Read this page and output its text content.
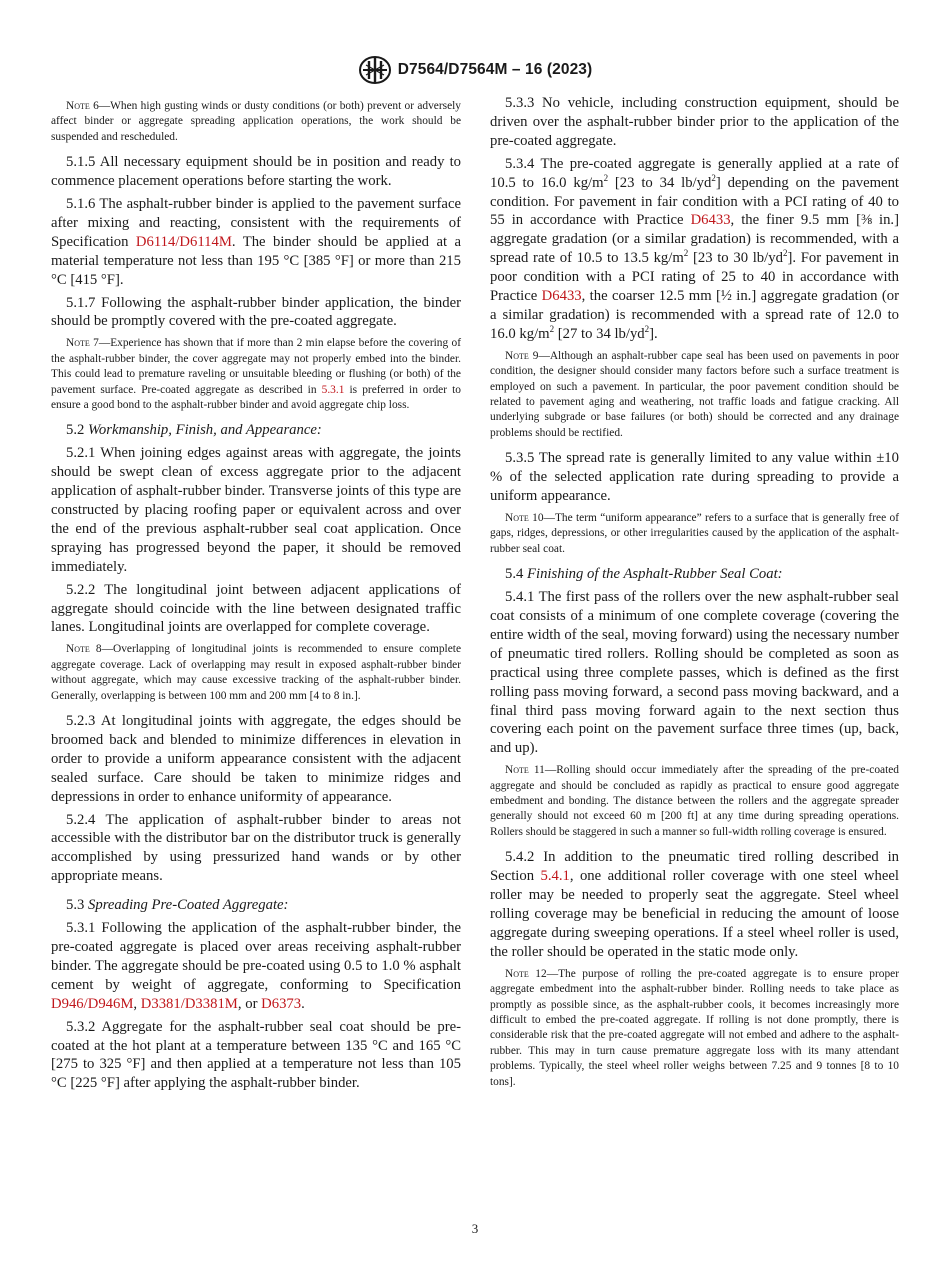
D7564/D7564M – 16 (2023)

Note 6—When high gusting winds or dusty conditions (or both) prevent or adversely affect binder or aggregate spreading application operations, the work should be suspended and rescheduled.

5.1.5 All necessary equipment should be in position and ready to commence placement operations before starting the work.

5.1.6 The asphalt-rubber binder is applied to the pavement surface after mixing and reacting, consistent with the requirements of Specification D6114/D6114M. The binder should be applied at a material temperature not less than 195 °C [385 °F] or more than 215 °C [415 °F].

5.1.7 Following the asphalt-rubber binder application, the binder should be promptly covered with the pre-coated aggregate.

Note 7—Experience has shown that if more than 2 min elapse before the covering of the asphalt-rubber binder, the cover aggregate may not properly embed into the binder. This could lead to premature raveling or unsuitable bleeding or flushing (or both) of the pavement surface. Pre-coated aggregate as described in 5.3.1 is preferred in order to ensure a good bond to the asphalt-rubber binder and avoid aggregate chip loss.

5.2 Workmanship, Finish, and Appearance:

5.2.1 When joining edges against areas with aggregate, the joints should be swept clean of excess aggregate prior to the adjacent application of asphalt-rubber binder. Transverse joints of this type are constructed by placing roofing paper or equivalent across and over the end of the previous asphalt-rubber seal coat application. Once spraying has progressed beyond the paper, it should be removed immediately.

5.2.2 The longitudinal joint between adjacent applications of aggregate should coincide with the line between designated traffic lanes. Longitudinal joints are overlapped for complete coverage.

Note 8—Overlapping of longitudinal joints is recommended to ensure complete aggregate coverage. Lack of overlapping may result in exposed asphalt-rubber binder without aggregate, which may cause excessive tracking of the asphalt-rubber binder. Generally, overlapping is between 100 mm and 200 mm [4 to 8 in.].

5.2.3 At longitudinal joints with aggregate, the edges should be broomed back and blended to minimize differences in elevation in order to provide a uniform appearance consistent with the adjacent sealed surface. Care should be taken to minimize ridges and depressions in order to enhance uniformity of appearance.

5.2.4 The application of asphalt-rubber binder to areas not accessible with the distributor bar on the distributor truck is generally accomplished by using pressurized hand wands or by other appropriate means.

5.3 Spreading Pre-Coated Aggregate:

5.3.1 Following the application of the asphalt-rubber binder, the pre-coated aggregate is placed over areas receiving asphalt-rubber binder. The aggregate should be pre-coated using 0.5 to 1.0 % asphalt cement by weight of aggregate, conforming to Specification D946/D946M, D3381/D3381M, or D6373.

5.3.2 Aggregate for the asphalt-rubber seal coat should be pre-coated at the hot plant at a temperature between 135 °C and 165 °C [275 to 325 °F] and then applied at a temperature not less than 105 °C [225 °F] after applying the asphalt-rubber binder.

5.3.3 No vehicle, including construction equipment, should be driven over the asphalt-rubber binder prior to the application of the pre-coated aggregate.

5.3.4 The pre-coated aggregate is generally applied at a rate of 10.5 to 16.0 $kg/m^2$ [23 to 34 $lb/yd^2$] depending on the pavement condition. For pavement in fair condition with a PCI rating of 40 to 55 in accordance with Practice D6433, the finer 9.5 mm [⅜ in.] aggregate gradation (or a similar gradation) is recommended, with a spread rate of 10.5 to 13.5 $kg/m^2$ [23 to 30 $lb/yd^2$]. For pavement in poor condition with a PCI rating of 25 to 40 in accordance with Practice D6433, the coarser 12.5 mm [½ in.] aggregate gradation (or a similar gradation) is recommended with a spread rate of 12.0 to 16.0 $kg/m^2$ [27 to 34 $lb/yd^2$].

Note 9—Although an asphalt-rubber cape seal has been used on pavements in poor condition, the designer should consider many factors before such a surface treatment is employed on such a pavement. In particular, the poor pavement condition should be related to pavement aging and weathering, not traffic loads and fatigue cracking. All underlying subgrade or base failures (or both) should be corrected and any drainage problems should be rectified.

5.3.5 The spread rate is generally limited to any value within ±10 % of the selected application rate during spreading to provide a uniform appearance.

Note 10—The term “uniform appearance” refers to a surface that is generally free of gaps, ridges, depressions, or other irregularities caused by the application of the asphalt-rubber seal coat.

5.4 Finishing of the Asphalt-Rubber Seal Coat:

5.4.1 The first pass of the rollers over the new asphalt-rubber seal coat consists of a minimum of one complete coverage (covering the entire width of the seal, moving forward) using the necessary number of pneumatic tired rollers. Rolling should be completed as soon as practical using three complete passes, which is defined as the first rolling pass moving forward, a second pass moving backward, and a final third pass moving forward again to the next section thus covering each point on the pavement surface three times (up, back, and up).

Note 11—Rolling should occur immediately after the spreading of the pre-coated aggregate and should be concluded as rapidly as practical to ensure good aggregate embedment and bonding. The distance between the rollers and the aggregate spreader generally should not exceed 60 m [200 ft] at any time during spreading operations. Rollers should be staggered in such a manner so full-width rolling coverage is ensured.

5.4.2 In addition to the pneumatic tired rolling described in Section 5.4.1, one additional roller coverage with one steel wheel roller may be needed to properly seat the aggregate. Steel wheel rolling coverage may be beneficial in reducing the amount of loose aggregate during sweeping operations. If a steel wheel roller is used, the roller should be operated in the static mode only.

Note 12—The purpose of rolling the pre-coated aggregate is to ensure proper aggregate embedment into the asphalt-rubber binder. Rolling needs to take place as promptly as possible since, as the asphalt-rubber cools, it becomes increasingly more difficult to embed the pre-coated aggregate. If rolling is not done promptly, there is considerable risk that the pre-coated aggregate will not embed and adhere to the asphalt-rubber. This may in turn cause premature aggregate loss with its many attendant problems. Typically, the steel wheel roller weighs between 7.25 and 9 tonnes [8 to 10 tons].

3
